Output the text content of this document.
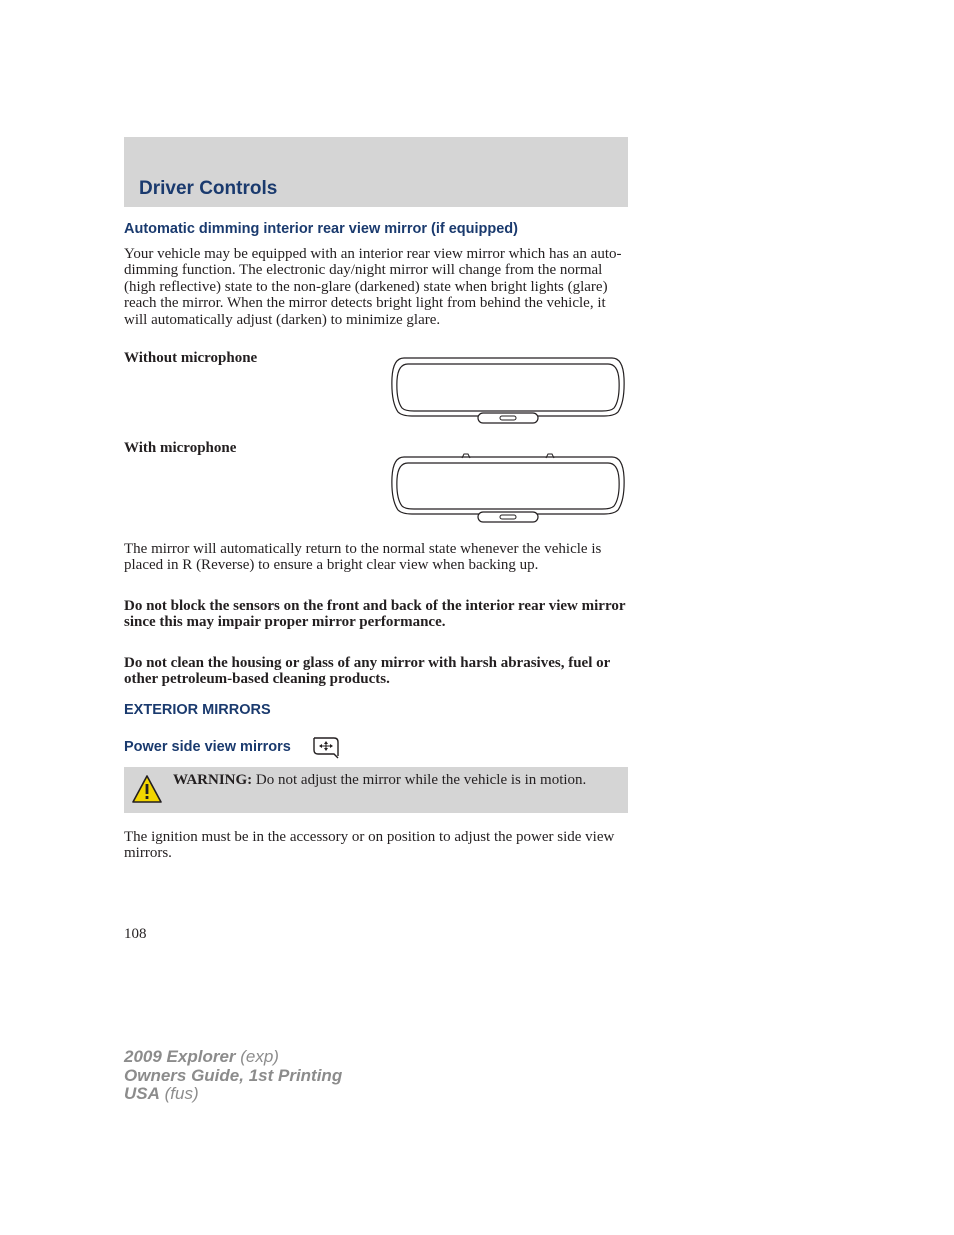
Driver Controls
Automatic dimming interior rear view mirror (if equipped)
Your vehicle may be equipped with an interior rear view mirror which has an auto-dimming function. The electronic day/night mirror will change from the normal (high reflective) state to the non-glare (darkened) state when bright lights (glare) reach the mirror. When the mirror detects bright light from behind the vehicle, it will automatically adjust (darken) to minimize glare.
Without microphone
With microphone
The mirror will automatically return to the normal state whenever the vehicle is placed in R (Reverse) to ensure a bright clear view when backing up.
Do not block the sensors on the front and back of the interior rear view mirror since this may impair proper mirror performance.
Do not clean the housing or glass of any mirror with harsh abrasives, fuel or other petroleum-based cleaning products.
EXTERIOR MIRRORS
Power side view mirrors
WARNING: Do not adjust the mirror while the vehicle is in motion.
The ignition must be in the accessory or on position to adjust the power side view mirrors.
108
2009 Explorer (exp)
Owners Guide, 1st Printing
USA (fus)
